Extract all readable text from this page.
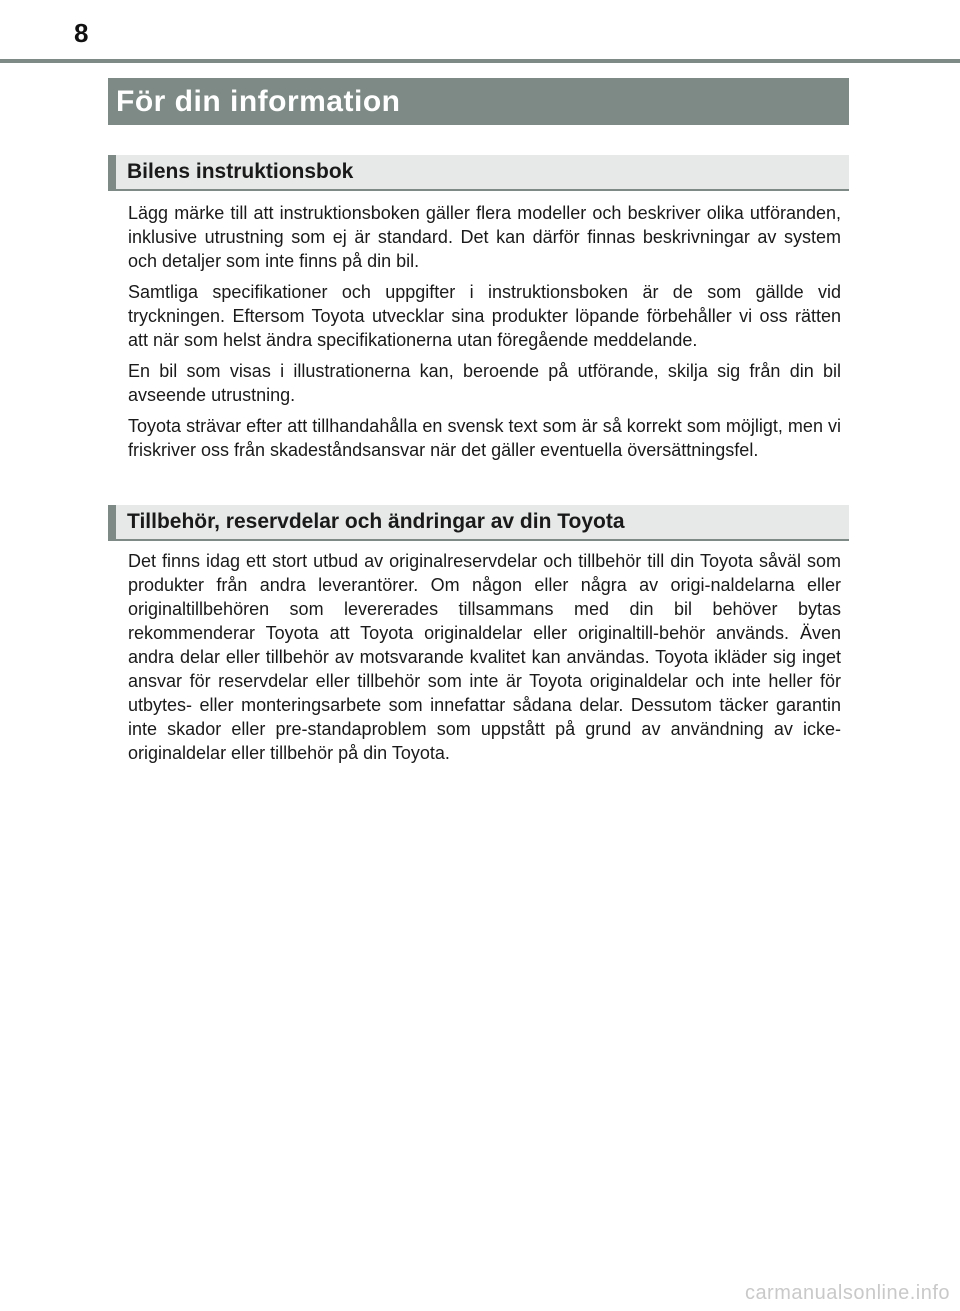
8
För din information
Bilens instruktionsbok

Lägg märke till att instruktionsboken gäller flera modeller och beskriver olika utföranden, inklusive utrustning som ej är standard. Det kan därför finnas beskrivningar av system och detaljer som inte finns på din bil.

Samtliga specifikationer och uppgifter i instruktionsboken är de som gällde vid tryckningen. Eftersom Toyota utvecklar sina produkter löpande förbehåller vi oss rätten att när som helst ändra specifikationerna utan föregående meddelande.

En bil som visas i illustrationerna kan, beroende på utförande, skilja sig från din bil avseende utrustning.

Toyota strävar efter att tillhandahålla en svensk text som är så korrekt som möjligt, men vi friskriver oss från skadeståndsansvar när det gäller eventuella översättningsfel.

Tillbehör, reservdelar och ändringar av din Toyota

Det finns idag ett stort utbud av originalreservdelar och tillbehör till din Toyota såväl som produkter från andra leverantörer. Om någon eller några av origi-naldelarna eller originaltillbehören som levererades tillsammans med din bil behöver bytas rekommenderar Toyota att Toyota originaldelar eller originaltill-behör används. Även andra delar eller tillbehör av motsvarande kvalitet kan användas. Toyota ikläder sig inget ansvar för reservdelar eller tillbehör som inte är Toyota originaldelar och inte heller för utbytes- eller monteringsarbete som innefattar sådana delar. Dessutom täcker garantin inte skador eller pre-standaproblem som uppstått på grund av användning av icke-originaldelar eller tillbehör på din Toyota.

carmanualsonline.info
